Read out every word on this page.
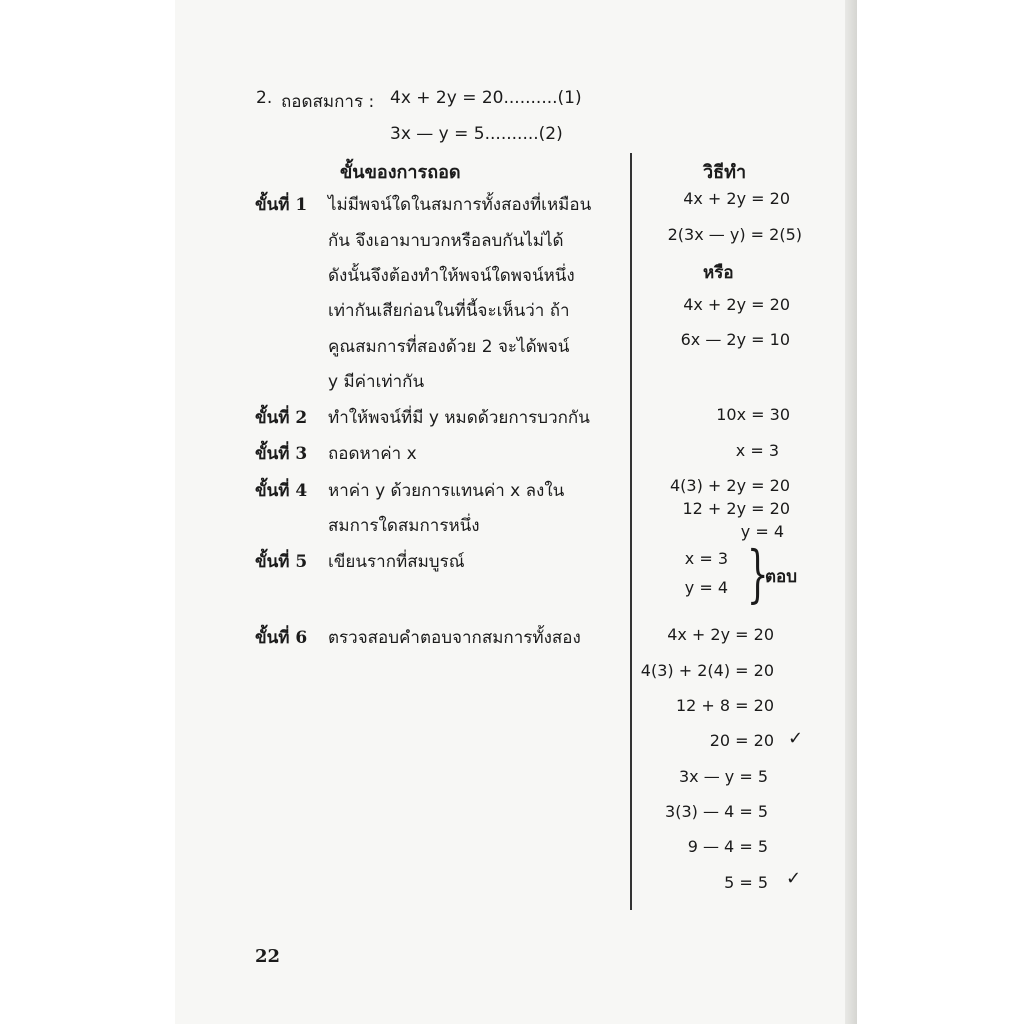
2. ถอดสมการ : 4x + 2y = 20..........(1)
3x — y = 5..........(2)
ขั้นของการถอด	วิธีทำ
ขั้นที่ 1 ไม่มีพจน์ใดในสมการทั้งสองที่เหมือน
กัน จึงเอามาบวกหรือลบกันไม่ได้
ดังนั้นจึงต้องทำให้พจน์ใดพจน์หนึ่ง
เท่ากันเสียก่อนในที่นี้จะเห็นว่า ถ้า
คูณสมการที่สองด้วย 2 จะได้พจน์
y มีค่าเท่ากัน
ขั้นที่ 2 ทำให้พจน์ที่มี y หมดด้วยการบวกกัน
ขั้นที่ 3 ถอดหาค่า x
ขั้นที่ 4 หาค่า y ด้วยการแทนค่า x ลงใน
สมการใดสมการหนึ่ง
ขั้นที่ 5 เขียนรากที่สมบูรณ์
ขั้นที่ 6 ตรวจสอบคำตอบจากสมการทั้งสอง
4x + 2y = 20
2(3x — y) = 2(5)
หรือ
4x + 2y = 20
6x — 2y = 10
10x = 30
x = 3
4(3) + 2y = 20
12 + 2y = 20
y = 4
x = 3
y = 4 }
ตอบ
4x + 2y = 20
4(3) + 2(4) = 20
12 + 8 = 20
20 = 20 ✓
3x — y = 5
3(3) — 4 = 5
9 — 4 = 5
5 = 5 ✓
22
